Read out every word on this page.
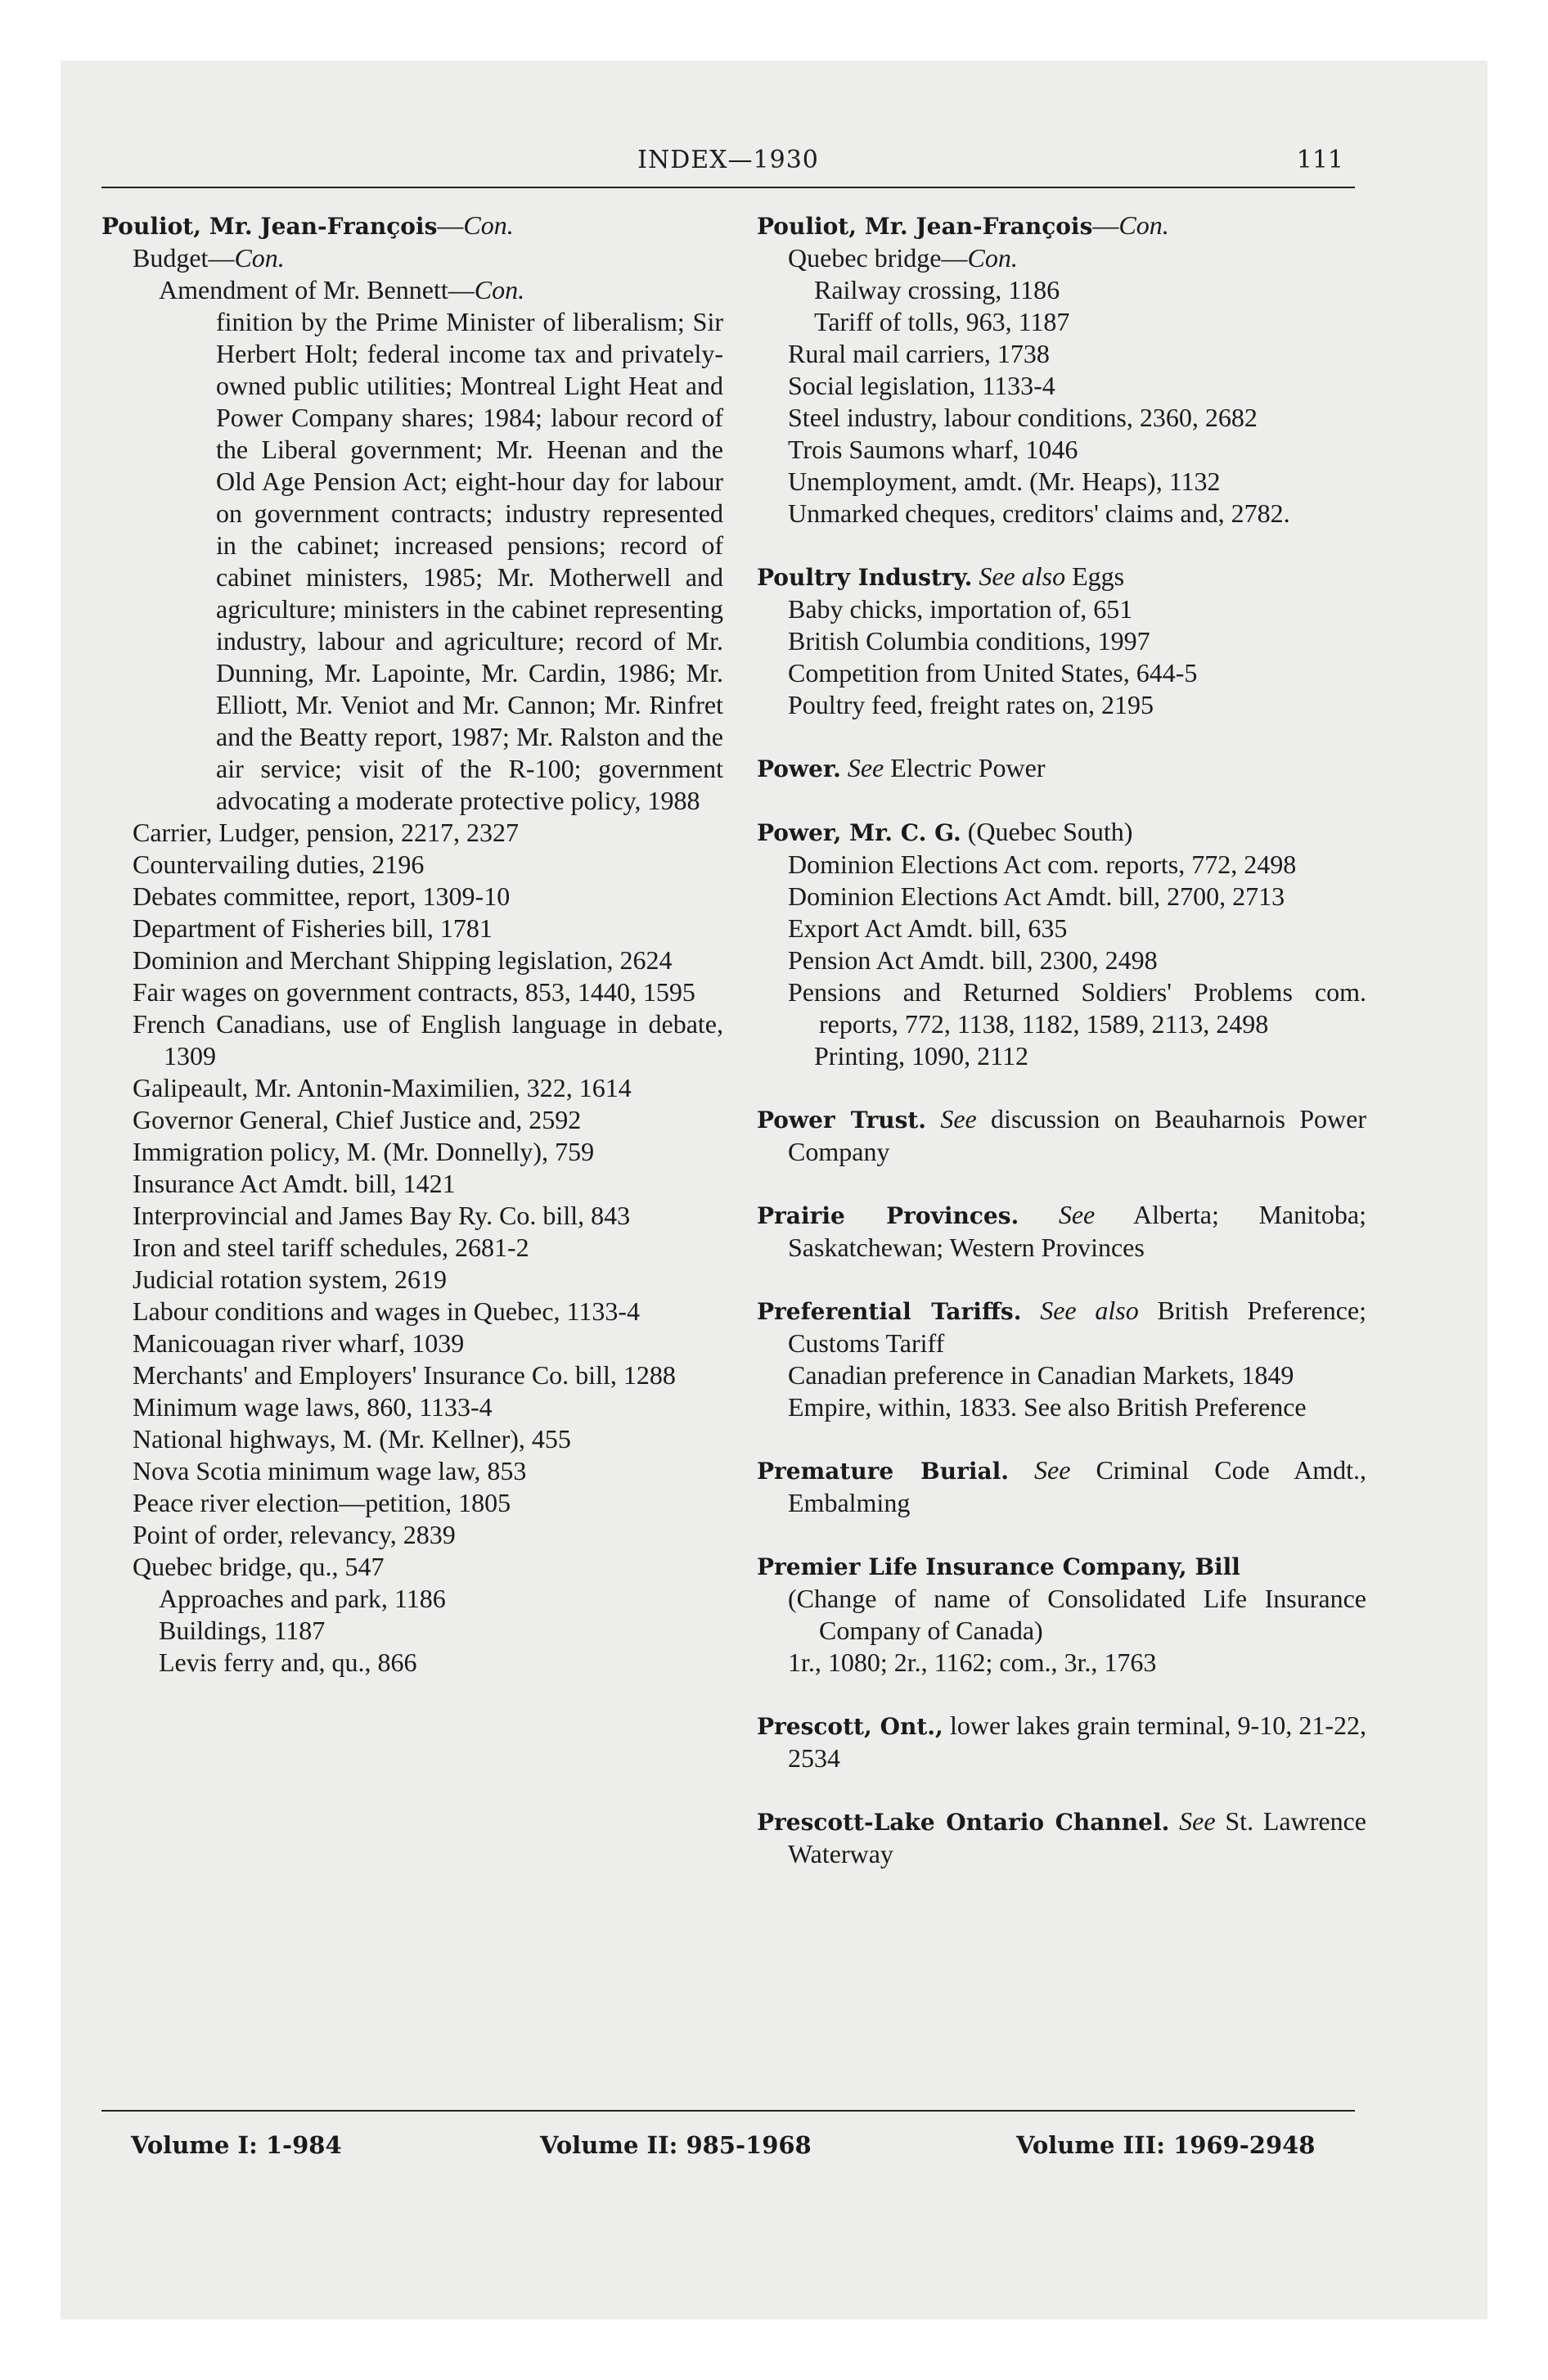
INDEX—1930	111
Pouliot, Mr. Jean-François—Con.
Budget—Con.
Amendment of Mr. Bennett—Con.
finition by the Prime Minister of liberalism; Sir Herbert Holt; federal income tax and privately-owned public utilities; Montreal Light Heat and Power Company shares; 1984; labour record of the Liberal government; Mr. Heenan and the Old Age Pension Act; eight-hour day for labour on government contracts; industry represented in the cabinet; increased pensions; record of cabinet ministers, 1985; Mr. Motherwell and agriculture; ministers in the cabinet representing industry, labour and agriculture; record of Mr. Dunning, Mr. Lapointe, Mr. Cardin, 1986; Mr. Elliott, Mr. Veniot and Mr. Cannon; Mr. Rinfret and the Beatty report, 1987; Mr. Ralston and the air service; visit of the R-100; government advocating a moderate protective policy, 1988
Carrier, Ludger, pension, 2217, 2327
Countervailing duties, 2196
Debates committee, report, 1309-10
Department of Fisheries bill, 1781
Dominion and Merchant Shipping legislation, 2624
Fair wages on government contracts, 853, 1440, 1595
French Canadians, use of English language in debate, 1309
Galipeault, Mr. Antonin-Maximilien, 322, 1614
Governor General, Chief Justice and, 2592
Immigration policy, M. (Mr. Donnelly), 759
Insurance Act Amdt. bill, 1421
Interprovincial and James Bay Ry. Co. bill, 843
Iron and steel tariff schedules, 2681-2
Judicial rotation system, 2619
Labour conditions and wages in Quebec, 1133-4
Manicouagan river wharf, 1039
Merchants' and Employers' Insurance Co. bill, 1288
Minimum wage laws, 860, 1133-4
National highways, M. (Mr. Kellner), 455
Nova Scotia minimum wage law, 853
Peace river election—petition, 1805
Point of order, relevancy, 2839
Quebec bridge, qu., 547
Approaches and park, 1186
Buildings, 1187
Levis ferry and, qu., 866
Pouliot, Mr. Jean-François—Con.
Quebec bridge—Con.
Railway crossing, 1186
Tariff of tolls, 963, 1187
Rural mail carriers, 1738
Social legislation, 1133-4
Steel industry, labour conditions, 2360, 2682
Trois Saumons wharf, 1046
Unemployment, amdt. (Mr. Heaps), 1132
Unmarked cheques, creditors' claims and, 2782.
Poultry Industry. See also Eggs
Baby chicks, importation of, 651
British Columbia conditions, 1997
Competition from United States, 644-5
Poultry feed, freight rates on, 2195
Power. See Electric Power
Power, Mr. C. G. (Quebec South)
Dominion Elections Act com. reports, 772, 2498
Dominion Elections Act Amdt. bill, 2700, 2713
Export Act Amdt. bill, 635
Pension Act Amdt. bill, 2300, 2498
Pensions and Returned Soldiers' Problems com. reports, 772, 1138, 1182, 1589, 2113, 2498
Printing, 1090, 2112
Power Trust. See discussion on Beauharnois Power Company
Prairie Provinces. See Alberta; Manitoba; Saskatchewan; Western Provinces
Preferential Tariffs. See also British Preference; Customs Tariff
Canadian preference in Canadian Markets, 1849
Empire, within, 1833. See also British Preference
Premature Burial. See Criminal Code Amdt., Embalming
Premier Life Insurance Company, Bill
(Change of name of Consolidated Life Insurance Company of Canada)
1r., 1080; 2r., 1162; com., 3r., 1763
Prescott, Ont., lower lakes grain terminal, 9-10, 21-22, 2534
Prescott-Lake Ontario Channel. See St. Lawrence Waterway
Volume I: 1-984	Volume II: 985-1968	Volume III: 1969-2948
